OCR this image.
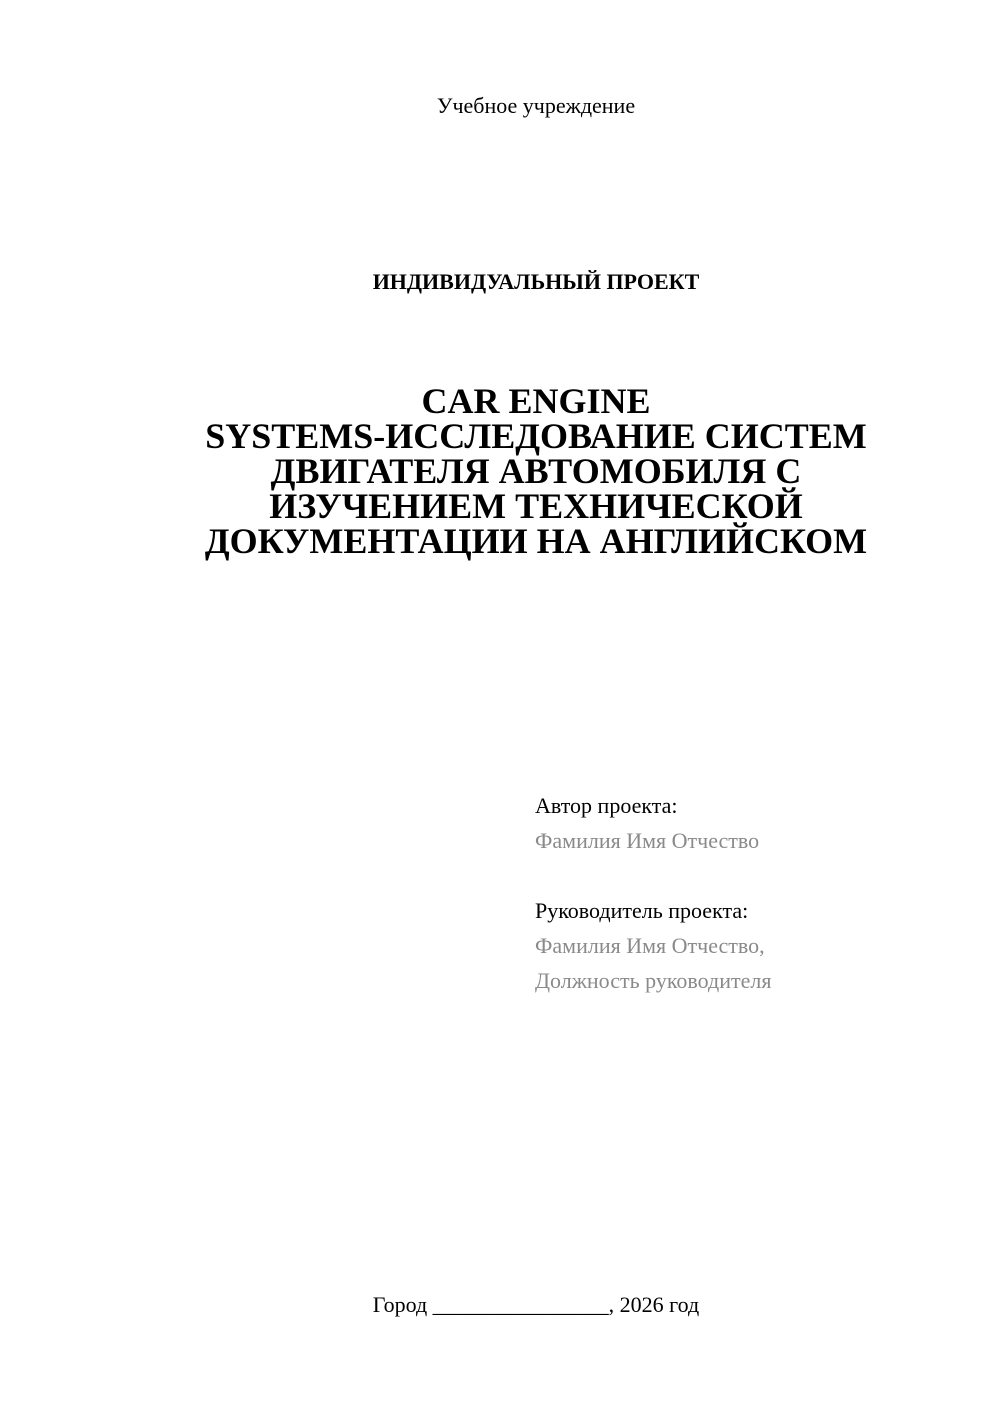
Учебное учреждение
ИНДИВИДУАЛЬНЫЙ ПРОЕКТ
CAR ENGINE
SYSTEMS-ИССЛЕДОВАНИЕ СИСТЕМ
ДВИГАТЕЛЯ АВТОМОБИЛЯ С
ИЗУЧЕНИЕМ ТЕХНИЧЕСКОЙ
ДОКУМЕНТАЦИИ НА АНГЛИЙСКОМ
Автор проекта:
Фамилия Имя Отчество
Руководитель проекта:
Фамилия Имя Отчество,
Должность руководителя
Город ________________, 2026 год
